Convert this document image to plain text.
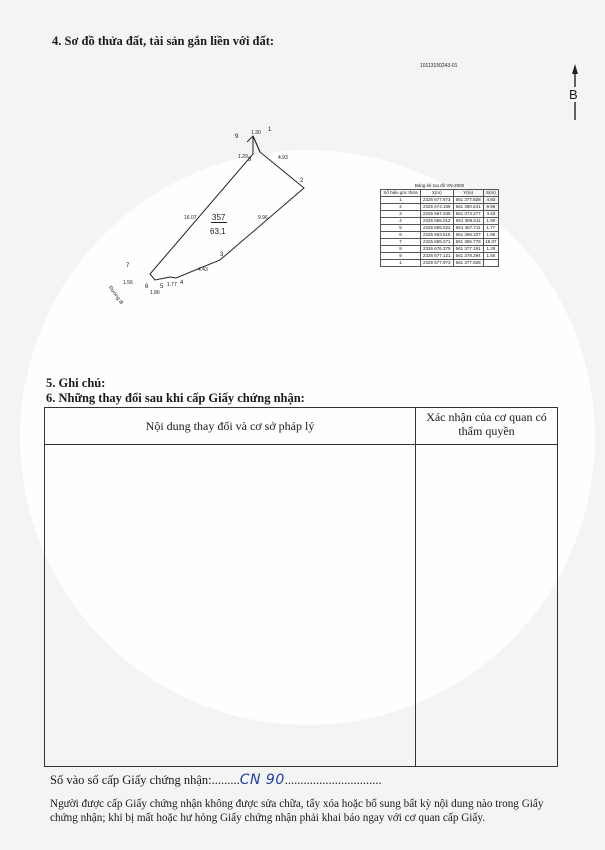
4. Sơ đồ thửa đất, tài sản gắn liền với đất:
10113150243-01
B
9
1
8
2
3
4
5
6
7
1.30
4.93
9.96
4.43
1.77
1.86
1.56
16.07
1.29
357
63,1
Đường đi
Bảng kê toạ độ VN-2000
Số hiệu góc thửa	X(m)	Y(m)	S(m)
1	2326 677.973	561 377.828	4.93
2	2326 674.159	561 380.541	9.96
3	2326 667.345	561 373.277	4.43
4	2326 665.012	561 369.511	1.90
5	2326 665.022	561 367.711	1.77
6	2326 663.518	561 368.337	1.86
7	2326 665.271	561 365.778	16.07
8	2326 676.379	561 377.191	1.29
9	2326 677.121	561 378.294	1.56
1	2326 677.973	561 377.828	
5. Ghi chú:
6. Những thay đổi sau khi cấp Giấy chứng nhận:
Nội dung thay đổi và cơ sở pháp lý
Xác nhận của cơ quan có thẩm quyền
Số vào sổ cấp Giấy chứng nhận:.........CN 90...............................
Người được cấp Giấy chứng nhận không được sửa chữa, tẩy xóa hoặc bổ sung bất kỳ nội dung nào trong Giấy chứng nhận; khi bị mất hoặc hư hỏng Giấy chứng nhận phải khai báo ngay với cơ quan cấp Giấy.
